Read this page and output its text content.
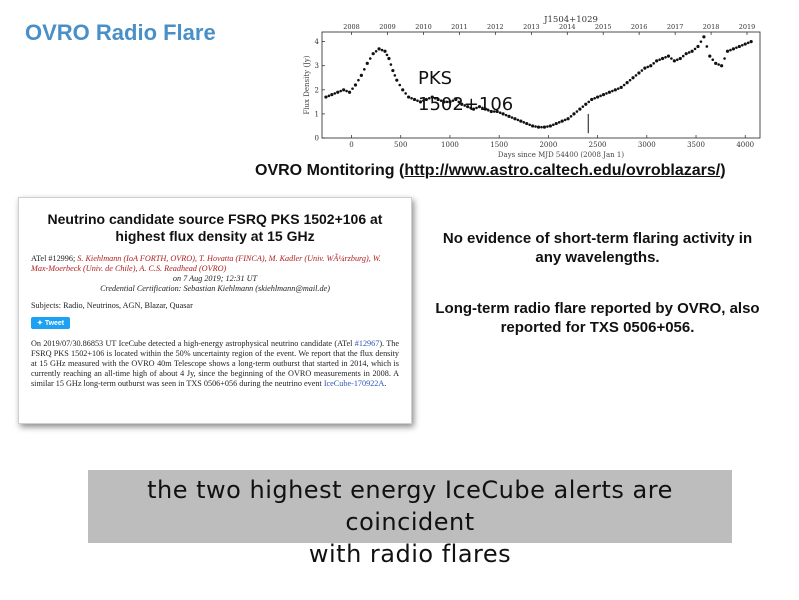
OVRO Radio Flare	J1504+1029
0	500	1000	1500	2000	2500	3000	3500	4000
2008	2009	2010	2011	2012	2013	2014	2015	2016	2017	2018	2019
0
1
2
3
4
Days since MJD 54400 (2008 Jan 1)
Flux Density (Jy)	PKS
1502+106
OVRO Montitoring (http://www.astro.caltech.edu/ovroblazars/)
Neutrino candidate source FSRQ PKS 1502+106 at highest flux density at 15 GHz
ATel #12996; S. Kiehlmann (IoA FORTH, OVRO), T. Hovatta (FINCA), M. Kadler (Univ. WÃ¼rzburg), W. Max-Moerbeck (Univ. de Chile), A. C.S. Readhead (OVRO)
on 7 Aug 2019; 12:31 UT
Credential Certification: Sebastian Kiehlmann (skiehlmann@mail.de)
Subjects: Radio, Neutrinos, AGN, Blazar, Quasar
✦ Tweet
On 2019/07/30.86853 UT IceCube detected a high-energy astrophysical neutrino candidate (ATel #12967). The FSRQ PKS 1502+106 is located within the 50% uncertainty region of the event. We report that the flux density at 15 GHz measured with the OVRO 40m Telescope shows a long-term outburst that started in 2014, which is currently reaching an all-time high of about 4 Jy, since the beginning of the OVRO measurements in 2008. A similar 15 GHz long-term outburst was seen in TXS 0506+056 during the neutrino event IceCube-170922A.
No evidence of short-term flaring activity in any wavelengths.
Long-term radio flare reported by OVRO, also reported for TXS 0506+056.
the two highest energy IceCube alerts are coincident
with radio flares
